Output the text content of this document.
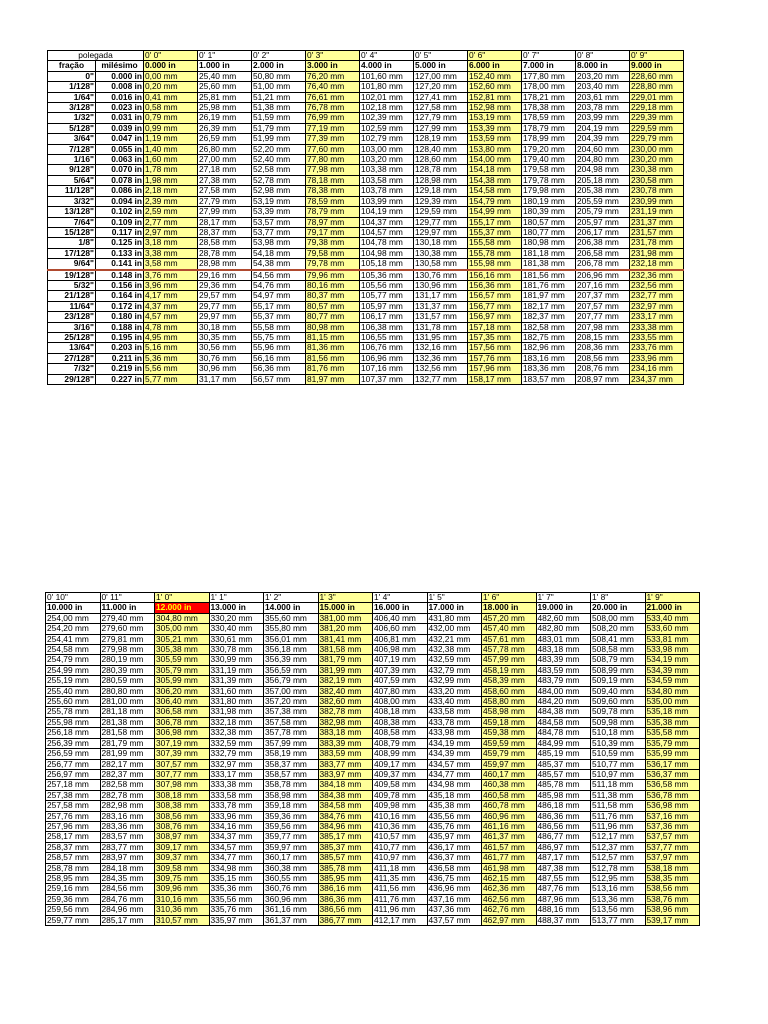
polegada		0' 0"	0' 1"	0' 2"	0' 3"	0' 4"	0' 5"	0' 6"	0' 7"	0' 8"	0' 9"
fração	milésimo	0.000 in	1.000 in	2.000 in	3.000 in	4.000 in	5.000 in	6.000 in	7.000 in	8.000 in	9.000 in
0"	0.000 in	0,00 mm	25,40 mm	50,80 mm	76,20 mm	101,60 mm	127,00 mm	152,40 mm	177,80 mm	203,20 mm	228,60 mm
1/128"	0.008 in	0,20 mm	25,60 mm	51,00 mm	76,40 mm	101,80 mm	127,20 mm	152,60 mm	178,00 mm	203,40 mm	228,80 mm
1/64"	0.016 in	0,41 mm	25,81 mm	51,21 mm	76,61 mm	102,01 mm	127,41 mm	152,81 mm	178,21 mm	203,61 mm	229,01 mm
3/128"	0.023 in	0,58 mm	25,98 mm	51,38 mm	76,78 mm	102,18 mm	127,58 mm	152,98 mm	178,38 mm	203,78 mm	229,18 mm
1/32"	0.031 in	0,79 mm	26,19 mm	51,59 mm	76,99 mm	102,39 mm	127,79 mm	153,19 mm	178,59 mm	203,99 mm	229,39 mm
5/128"	0.039 in	0,99 mm	26,39 mm	51,79 mm	77,19 mm	102,59 mm	127,99 mm	153,39 mm	178,79 mm	204,19 mm	229,59 mm
3/64"	0.047 in	1,19 mm	26,59 mm	51,99 mm	77,39 mm	102,79 mm	128,19 mm	153,59 mm	178,99 mm	204,39 mm	229,79 mm
7/128"	0.055 in	1,40 mm	26,80 mm	52,20 mm	77,60 mm	103,00 mm	128,40 mm	153,80 mm	179,20 mm	204,60 mm	230,00 mm
1/16"	0.063 in	1,60 mm	27,00 mm	52,40 mm	77,80 mm	103,20 mm	128,60 mm	154,00 mm	179,40 mm	204,80 mm	230,20 mm
9/128"	0.070 in	1,78 mm	27,18 mm	52,58 mm	77,98 mm	103,38 mm	128,78 mm	154,18 mm	179,58 mm	204,98 mm	230,38 mm
5/64"	0.078 in	1,98 mm	27,38 mm	52,78 mm	78,18 mm	103,58 mm	128,98 mm	154,38 mm	179,78 mm	205,18 mm	230,58 mm
11/128"	0.086 in	2,18 mm	27,58 mm	52,98 mm	78,38 mm	103,78 mm	129,18 mm	154,58 mm	179,98 mm	205,38 mm	230,78 mm
3/32"	0.094 in	2,39 mm	27,79 mm	53,19 mm	78,59 mm	103,99 mm	129,39 mm	154,79 mm	180,19 mm	205,59 mm	230,99 mm
13/128"	0.102 in	2,59 mm	27,99 mm	53,39 mm	78,79 mm	104,19 mm	129,59 mm	154,99 mm	180,39 mm	205,79 mm	231,19 mm
7/64"	0.109 in	2,77 mm	28,17 mm	53,57 mm	78,97 mm	104,37 mm	129,77 mm	155,17 mm	180,57 mm	205,97 mm	231,37 mm
15/128"	0.117 in	2,97 mm	28,37 mm	53,77 mm	79,17 mm	104,57 mm	129,97 mm	155,37 mm	180,77 mm	206,17 mm	231,57 mm
1/8"	0.125 in	3,18 mm	28,58 mm	53,98 mm	79,38 mm	104,78 mm	130,18 mm	155,58 mm	180,98 mm	206,38 mm	231,78 mm
17/128"	0.133 in	3,38 mm	28,78 mm	54,18 mm	79,58 mm	104,98 mm	130,38 mm	155,78 mm	181,18 mm	206,58 mm	231,98 mm
9/64"	0.141 in	3,58 mm	28,98 mm	54,38 mm	79,78 mm	105,18 mm	130,58 mm	155,98 mm	181,38 mm	206,78 mm	232,18 mm
19/128"	0.148 in	3,76 mm	29,16 mm	54,56 mm	79,96 mm	105,36 mm	130,76 mm	156,16 mm	181,56 mm	206,96 mm	232,36 mm
5/32"	0.156 in	3,96 mm	29,36 mm	54,76 mm	80,16 mm	105,56 mm	130,96 mm	156,36 mm	181,76 mm	207,16 mm	232,56 mm
21/128"	0.164 in	4,17 mm	29,57 mm	54,97 mm	80,37 mm	105,77 mm	131,17 mm	156,57 mm	181,97 mm	207,37 mm	232,77 mm
11/64"	0.172 in	4,37 mm	29,77 mm	55,17 mm	80,57 mm	105,97 mm	131,37 mm	156,77 mm	182,17 mm	207,57 mm	232,97 mm
23/128"	0.180 in	4,57 mm	29,97 mm	55,37 mm	80,77 mm	106,17 mm	131,57 mm	156,97 mm	182,37 mm	207,77 mm	233,17 mm
3/16"	0.188 in	4,78 mm	30,18 mm	55,58 mm	80,98 mm	106,38 mm	131,78 mm	157,18 mm	182,58 mm	207,98 mm	233,38 mm
25/128"	0.195 in	4,95 mm	30,35 mm	55,75 mm	81,15 mm	106,55 mm	131,95 mm	157,35 mm	182,75 mm	208,15 mm	233,55 mm
13/64"	0.203 in	5,16 mm	30,56 mm	55,96 mm	81,36 mm	106,76 mm	132,16 mm	157,56 mm	182,96 mm	208,36 mm	233,76 mm
27/128"	0.211 in	5,36 mm	30,76 mm	56,16 mm	81,56 mm	106,96 mm	132,36 mm	157,76 mm	183,16 mm	208,56 mm	233,96 mm
7/32"	0.219 in	5,56 mm	30,96 mm	56,36 mm	81,76 mm	107,16 mm	132,56 mm	157,96 mm	183,36 mm	208,76 mm	234,16 mm
29/128"	0.227 in	5,77 mm	31,17 mm	56,57 mm	81,97 mm	107,37 mm	132,77 mm	158,17 mm	183,57 mm	208,97 mm	234,37 mm
0' 10"	0' 11"	1' 0"	1' 1"	1' 2"	1' 3"	1' 4"	1' 5"	1' 6"	1' 7"	1' 8"	1' 9"
10.000 in	11.000 in	12.000 in	13.000 in	14.000 in	15.000 in	16.000 in	17.000 in	18.000 in	19.000 in	20.000 in	21.000 in
254,00 mm	279,40 mm	304,80 mm	330,20 mm	355,60 mm	381,00 mm	406,40 mm	431,80 mm	457,20 mm	482,60 mm	508,00 mm	533,40 mm
254,20 mm	279,60 mm	305,00 mm	330,40 mm	355,80 mm	381,20 mm	406,60 mm	432,00 mm	457,40 mm	482,80 mm	508,20 mm	533,60 mm
254,41 mm	279,81 mm	305,21 mm	330,61 mm	356,01 mm	381,41 mm	406,81 mm	432,21 mm	457,61 mm	483,01 mm	508,41 mm	533,81 mm
254,58 mm	279,98 mm	305,38 mm	330,78 mm	356,18 mm	381,58 mm	406,98 mm	432,38 mm	457,78 mm	483,18 mm	508,58 mm	533,98 mm
254,79 mm	280,19 mm	305,59 mm	330,99 mm	356,39 mm	381,79 mm	407,19 mm	432,59 mm	457,99 mm	483,39 mm	508,79 mm	534,19 mm
254,99 mm	280,39 mm	305,79 mm	331,19 mm	356,59 mm	381,99 mm	407,39 mm	432,79 mm	458,19 mm	483,59 mm	508,99 mm	534,39 mm
255,19 mm	280,59 mm	305,99 mm	331,39 mm	356,79 mm	382,19 mm	407,59 mm	432,99 mm	458,39 mm	483,79 mm	509,19 mm	534,59 mm
255,40 mm	280,80 mm	306,20 mm	331,60 mm	357,00 mm	382,40 mm	407,80 mm	433,20 mm	458,60 mm	484,00 mm	509,40 mm	534,80 mm
255,60 mm	281,00 mm	306,40 mm	331,80 mm	357,20 mm	382,60 mm	408,00 mm	433,40 mm	458,80 mm	484,20 mm	509,60 mm	535,00 mm
255,78 mm	281,18 mm	306,58 mm	331,98 mm	357,38 mm	382,78 mm	408,18 mm	433,58 mm	458,98 mm	484,38 mm	509,78 mm	535,18 mm
255,98 mm	281,38 mm	306,78 mm	332,18 mm	357,58 mm	382,98 mm	408,38 mm	433,78 mm	459,18 mm	484,58 mm	509,98 mm	535,38 mm
256,18 mm	281,58 mm	306,98 mm	332,38 mm	357,78 mm	383,18 mm	408,58 mm	433,98 mm	459,38 mm	484,78 mm	510,18 mm	535,58 mm
256,39 mm	281,79 mm	307,19 mm	332,59 mm	357,99 mm	383,39 mm	408,79 mm	434,19 mm	459,59 mm	484,99 mm	510,39 mm	535,79 mm
256,59 mm	281,99 mm	307,39 mm	332,79 mm	358,19 mm	383,59 mm	408,99 mm	434,39 mm	459,79 mm	485,19 mm	510,59 mm	535,99 mm
256,77 mm	282,17 mm	307,57 mm	332,97 mm	358,37 mm	383,77 mm	409,17 mm	434,57 mm	459,97 mm	485,37 mm	510,77 mm	536,17 mm
256,97 mm	282,37 mm	307,77 mm	333,17 mm	358,57 mm	383,97 mm	409,37 mm	434,77 mm	460,17 mm	485,57 mm	510,97 mm	536,37 mm
257,18 mm	282,58 mm	307,98 mm	333,38 mm	358,78 mm	384,18 mm	409,58 mm	434,98 mm	460,38 mm	485,78 mm	511,18 mm	536,58 mm
257,38 mm	282,78 mm	308,18 mm	333,58 mm	358,98 mm	384,38 mm	409,78 mm	435,18 mm	460,58 mm	485,98 mm	511,38 mm	536,78 mm
257,58 mm	282,98 mm	308,38 mm	333,78 mm	359,18 mm	384,58 mm	409,98 mm	435,38 mm	460,78 mm	486,18 mm	511,58 mm	536,98 mm
257,76 mm	283,16 mm	308,56 mm	333,96 mm	359,36 mm	384,76 mm	410,16 mm	435,56 mm	460,96 mm	486,36 mm	511,76 mm	537,16 mm
257,96 mm	283,36 mm	308,76 mm	334,16 mm	359,56 mm	384,96 mm	410,36 mm	435,76 mm	461,16 mm	486,56 mm	511,96 mm	537,36 mm
258,17 mm	283,57 mm	308,97 mm	334,37 mm	359,77 mm	385,17 mm	410,57 mm	435,97 mm	461,37 mm	486,77 mm	512,17 mm	537,57 mm
258,37 mm	283,77 mm	309,17 mm	334,57 mm	359,97 mm	385,37 mm	410,77 mm	436,17 mm	461,57 mm	486,97 mm	512,37 mm	537,77 mm
258,57 mm	283,97 mm	309,37 mm	334,77 mm	360,17 mm	385,57 mm	410,97 mm	436,37 mm	461,77 mm	487,17 mm	512,57 mm	537,97 mm
258,78 mm	284,18 mm	309,58 mm	334,98 mm	360,38 mm	385,78 mm	411,18 mm	436,58 mm	461,98 mm	487,38 mm	512,78 mm	538,18 mm
258,95 mm	284,35 mm	309,75 mm	335,15 mm	360,55 mm	385,95 mm	411,35 mm	436,75 mm	462,15 mm	487,55 mm	512,95 mm	538,35 mm
259,16 mm	284,56 mm	309,96 mm	335,36 mm	360,76 mm	386,16 mm	411,56 mm	436,96 mm	462,36 mm	487,76 mm	513,16 mm	538,56 mm
259,36 mm	284,76 mm	310,16 mm	335,56 mm	360,96 mm	386,36 mm	411,76 mm	437,16 mm	462,56 mm	487,96 mm	513,36 mm	538,76 mm
259,56 mm	284,96 mm	310,36 mm	335,76 mm	361,16 mm	386,56 mm	411,96 mm	437,36 mm	462,76 mm	488,16 mm	513,56 mm	538,96 mm
259,77 mm	285,17 mm	310,57 mm	335,97 mm	361,37 mm	386,77 mm	412,17 mm	437,57 mm	462,97 mm	488,37 mm	513,77 mm	539,17 mm
